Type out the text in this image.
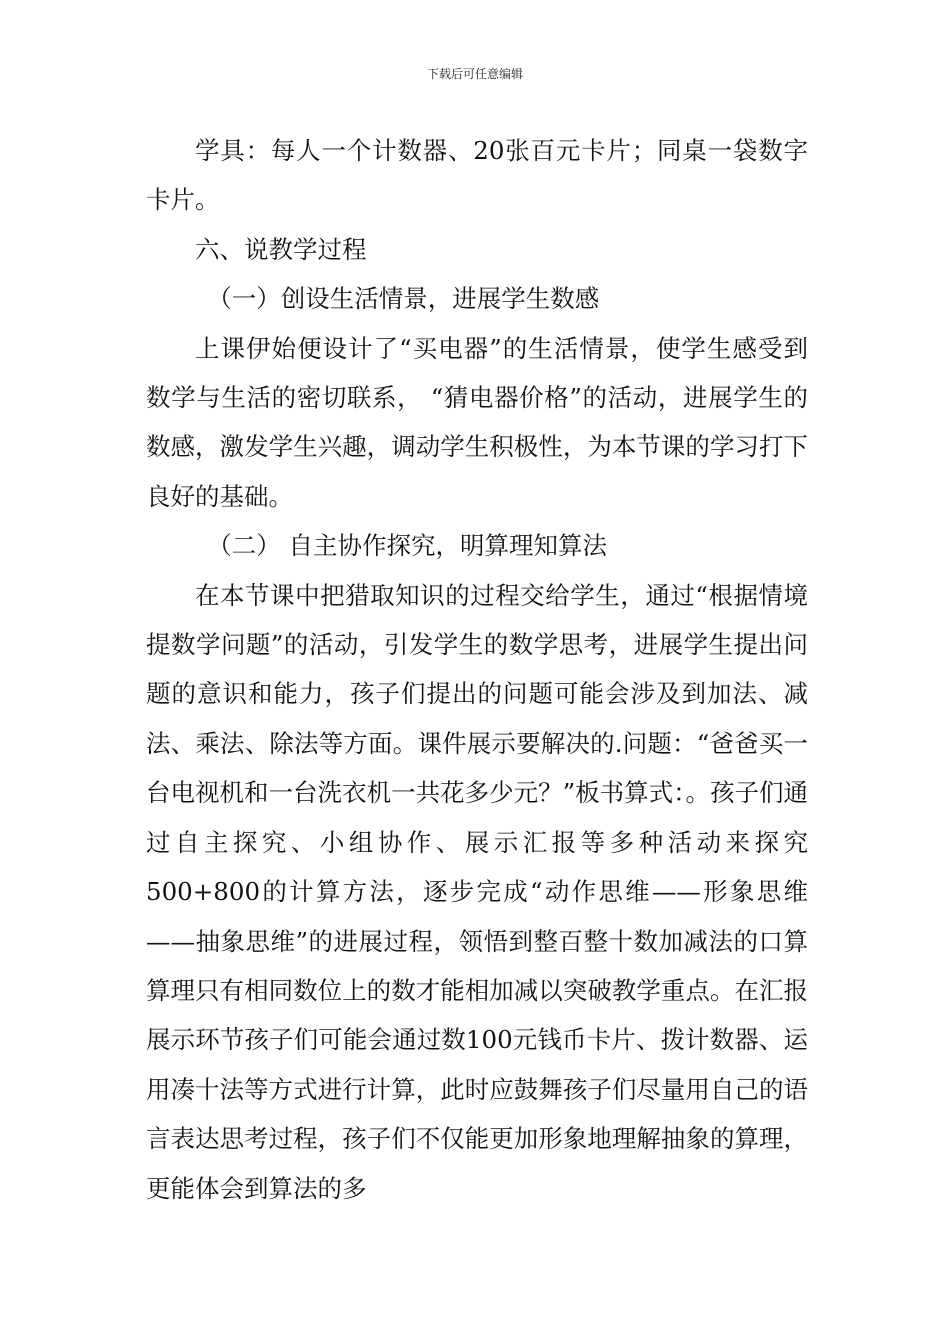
下载后可任意编辑

学具：每人一个计数器、20张百元卡片；同桌一袋数字卡片。

六、说教学过程

（一）创设生活情景，进展学生数感

上课伊始便设计了“买电器”的生活情景，使学生感受到数学与生活的密切联系， “猜电器价格”的活动，进展学生的数感，激发学生兴趣，调动学生积极性，为本节课的学习打下良好的基础。

（二） 自主协作探究，明算理知算法

在本节课中把猎取知识的过程交给学生，通过“根据情境提数学问题”的活动，引发学生的数学思考，进展学生提出问题的意识和能力，孩子们提出的问题可能会涉及到加法、减法、乘法、除法等方面。课件展示要解决的.问题：“爸爸买一台电视机和一台洗衣机一共花多少元？”板书算式：。孩子们通过自主探究、小组协作、展示汇报等多种活动来探究500+800的计算方法，逐步完成“动作思维——形象思维——抽象思维”的进展过程，领悟到整百整十数加减法的口算算理只有相同数位上的数才能相加减以突破教学重点。在汇报展示环节孩子们可能会通过数100元钱币卡片、拨计数器、运用凑十法等方式进行计算，此时应鼓舞孩子们尽量用自己的语言表达思考过程，孩子们不仅能更加形象地理解抽象的算理，更能体会到算法的多
